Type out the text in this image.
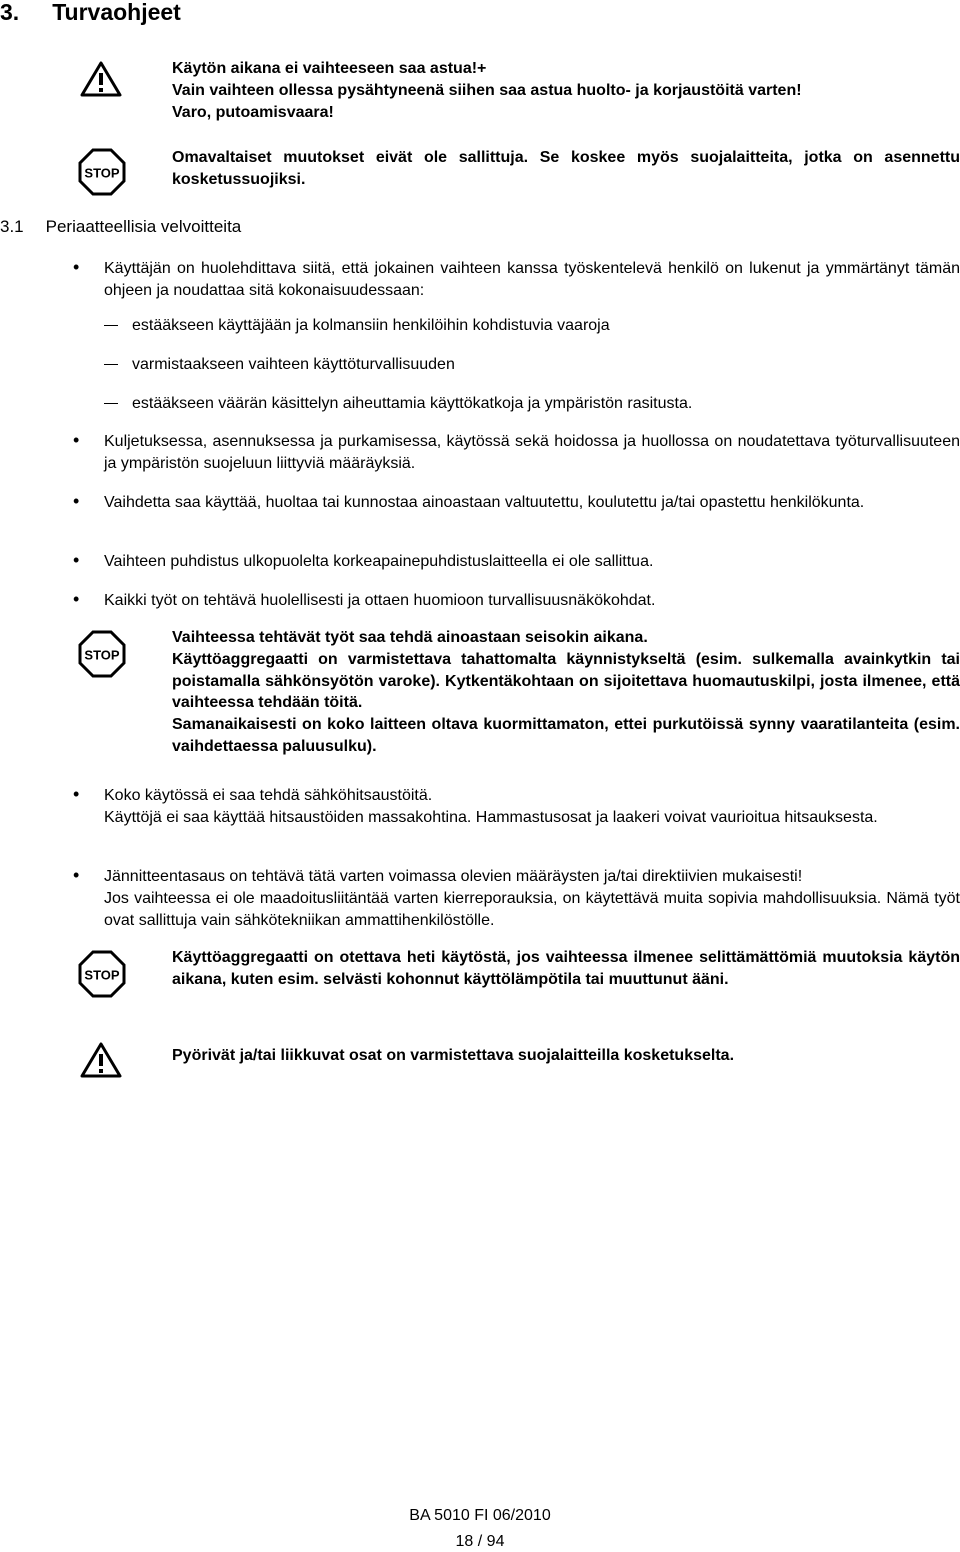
3. Turvaohjeet

Käytön aikana ei vaihteeseen saa astua!+

Vain vaihteen ollessa pysähtyneenä siihen saa astua huolto- ja korjaustöitä varten!

Varo, putoamisvaara!

STOP

Omavaltaiset muutokset eivät ole sallittuja. Se koskee myös suojalaitteita, jotka on asennettu kosketussuojiksi.

3.1 Periaatteellisia velvoitteita
• Käyttäjän on huolehdittava siitä, että jokainen vaihteen kanssa työskentelevä henkilö on lukenut ja ymmärtänyt tämän ohjeen ja noudattaa sitä kokonaisuudessaan:

estääkseen käyttäjään ja kolmansiin henkilöihin kohdistuvia vaaroja
varmistaakseen vaihteen käyttöturvallisuuden
estääkseen väärän käsittelyn aiheuttamia käyttökatkoja ja ympäristön rasitusta.
• Kuljetuksessa, asennuksessa ja purkamisessa, käytössä sekä hoidossa ja huollossa on noudatettava työturvallisuuteen ja ympäristön suojeluun liittyviä määräyksiä.

• Vaihdetta saa käyttää, huoltaa tai kunnostaa ainoastaan valtuutettu, koulutettu ja/tai opastettu henkilökunta.

• Vaihteen puhdistus ulkopuolelta korkeapainepuhdistuslaitteella ei ole sallittua.

• Kaikki työt on tehtävä huolellisesti ja ottaen huomioon turvallisuusnäkökohdat.

STOP

Vaihteessa tehtävät työt saa tehdä ainoastaan seisokin aikana.

Käyttöaggregaatti on varmistettava tahattomalta käynnistykseltä (esim. sulkemalla avainkytkin tai poistamalla sähkönsyötön varoke). Kytkentäkohtaan on sijoitettava huomautuskilpi, josta ilmenee, että vaihteessa tehdään töitä.

Samanaikaisesti on koko laitteen oltava kuormittamaton, ettei purkutöissä synny vaaratilanteita (esim. vaihdettaessa paluusulku).

• Koko käytössä ei saa tehdä sähköhitsaustöitä.

Käyttöjä ei saa käyttää hitsaustöiden massakohtina. Hammastusosat ja laakeri voivat vaurioitua hitsauksesta.

• Jännitteentasaus on tehtävä tätä varten voimassa olevien määräysten ja/tai direktiivien mukaisesti!

Jos vaihteessa ei ole maadoitusliitäntää varten kierreporauksia, on käytettävä muita sopivia mahdollisuuksia. Nämä työt ovat sallittuja vain sähkötekniikan ammattihenkilöstölle.

STOP

Käyttöaggregaatti on otettava heti käytöstä, jos vaihteessa ilmenee selittämättömiä muutoksia käytön aikana, kuten esim. selvästi kohonnut käyttölämpötila tai muuttunut ääni.

Pyörivät ja/tai liikkuvat osat on varmistettava suojalaitteilla kosketukselta.

BA 5010 FI 06/2010
18 / 94
